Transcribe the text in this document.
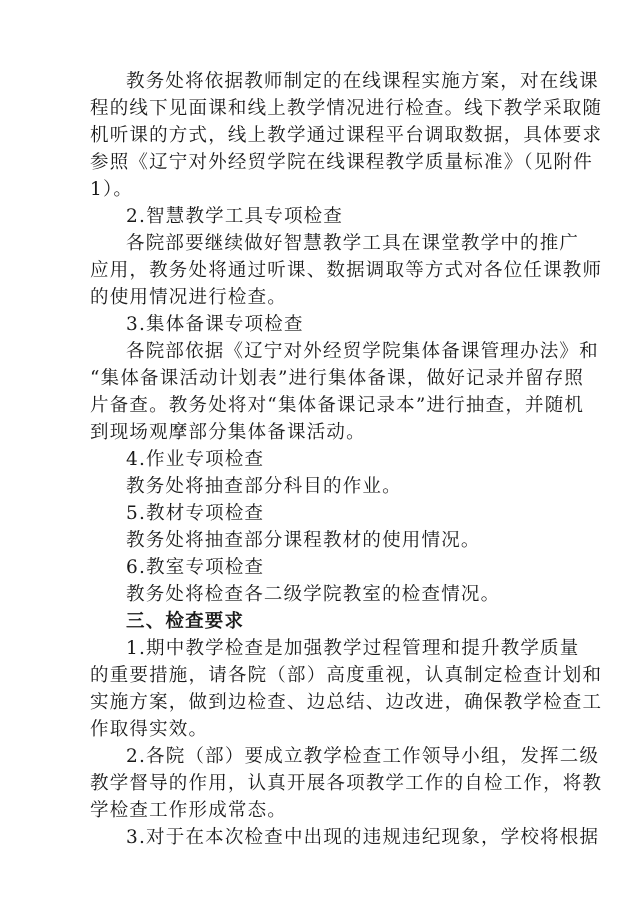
教务处将依据教师制定的在线课程实施方案，对在线课
程的线下见面课和线上教学情况进行检查。线下教学采取随
机听课的方式，线上教学通过课程平台调取数据，具体要求
参照《辽宁对外经贸学院在线课程教学质量标准》（见附件
1）。
2.智慧教学工具专项检查
各院部要继续做好智慧教学工具在课堂教学中的推广
应用，教务处将通过听课、数据调取等方式对各位任课教师
的使用情况进行检查。
3.集体备课专项检查
各院部依据《辽宁对外经贸学院集体备课管理办法》和
“集体备课活动计划表”进行集体备课，做好记录并留存照
片备查。教务处将对“集体备课记录本”进行抽查，并随机
到现场观摩部分集体备课活动。
4.作业专项检查
教务处将抽查部分科目的作业。
5.教材专项检查
教务处将抽查部分课程教材的使用情况。
6.教室专项检查
教务处将检查各二级学院教室的检查情况。
三、检查要求
1.期中教学检查是加强教学过程管理和提升教学质量
的重要措施，请各院（部）高度重视，认真制定检查计划和
实施方案，做到边检查、边总结、边改进，确保教学检查工
作取得实效。
2.各院（部）要成立教学检查工作领导小组，发挥二级
教学督导的作用，认真开展各项教学工作的自检工作，将教
学检查工作形成常态。
3.对于在本次检查中出现的违规违纪现象，学校将根据
